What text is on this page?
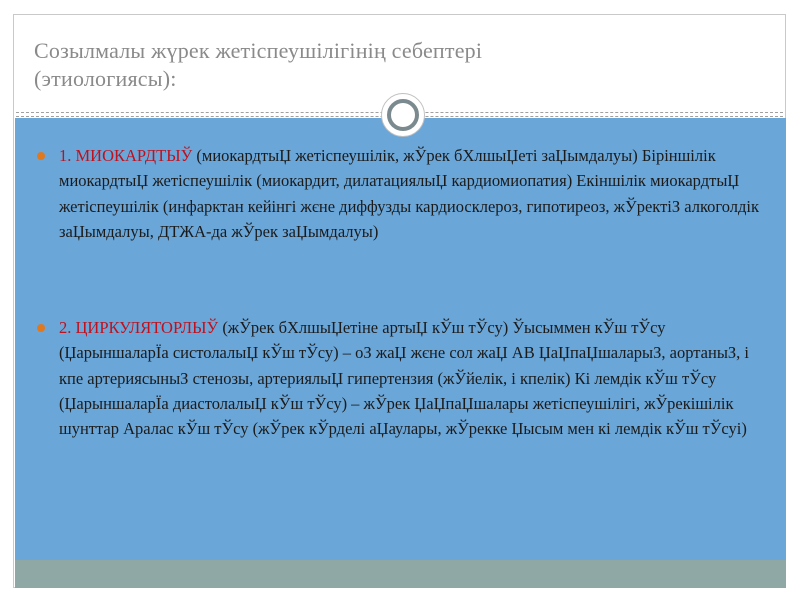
Созылмалы жүрек жетіспеушілігінің себептері
(этиологиясы):
1. МИОКАРДТЫЎ (миокардтыЏ жетіспеушілік, жЎрек бХлшыЏеті заЏымдалуы) Біріншілік миокардтыЏ жетіспеушілік (миокардит, дилатациялыЏ кардиомиопатия) Екіншілік миокардтыЏ жетіспеушілік (инфарктан кейінгі жєне диффузды кардиосклероз, гипотиреоз, жЎректіЗ алкоголдік заЏымдалуы, ДТЖА-да жЎрек заЏымдалуы)
2. ЦИРКУЛЯТОРЛЫЎ (жЎрек бХлшыЏетіне артыЏ кЎш тЎсу) Ўысыммен кЎш тЎсу (ЏарыншаларЇа систолалыЏ кЎш тЎсу) – оЗ жаЏ жєне сол жаЏ АВ ЏаЏпаЏшаларыЗ, аортаныЗ, і кпе артериясыныЗ стенозы, артериялыЏ гипертензия (жЎйелік, і кпелік) Кі лемдік кЎш тЎсу (ЏарыншаларЇа диастолалыЏ кЎш тЎсу) – жЎрек ЏаЏпаЏшалары жетіспеушілігі, жЎрекішілік шунттар Аралас кЎш тЎсу (жЎрек кЎрделі аЏаулары, жЎрекке Џысым мен кі лемдік кЎш тЎсуі)
